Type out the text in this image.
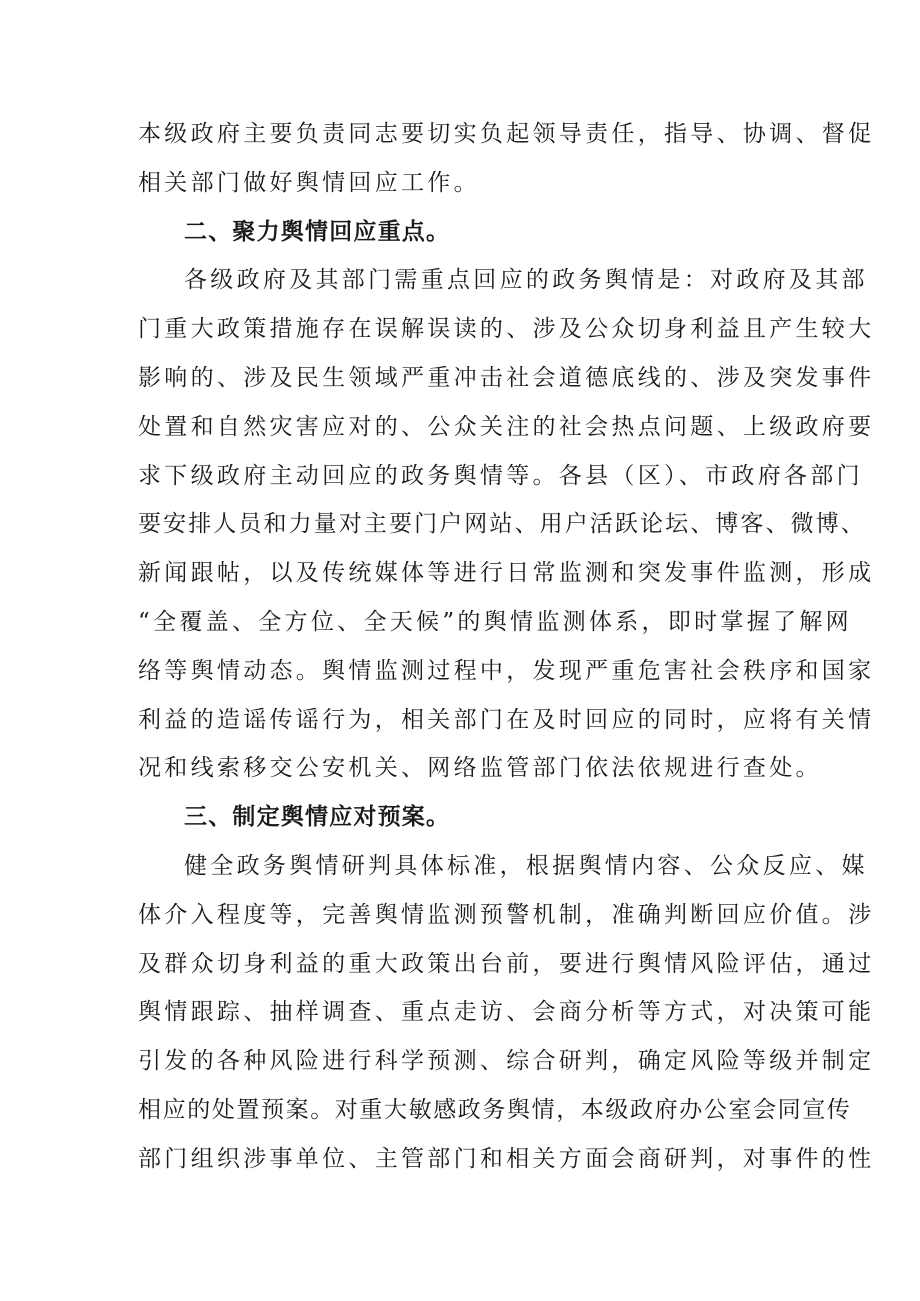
本级政府主要负责同志要切实负起领导责任，指导、协调、督促
相关部门做好舆情回应工作。
二、聚力舆情回应重点。
各级政府及其部门需重点回应的政务舆情是：对政府及其部
门重大政策措施存在误解误读的、涉及公众切身利益且产生较大
影响的、涉及民生领域严重冲击社会道德底线的、涉及突发事件
处置和自然灾害应对的、公众关注的社会热点问题、上级政府要
求下级政府主动回应的政务舆情等。各县（区）、市政府各部门
要安排人员和力量对主要门户网站、用户活跃论坛、博客、微博、
新闻跟帖，以及传统媒体等进行日常监测和突发事件监测，形成
“全覆盖、全方位、全天候”的舆情监测体系，即时掌握了解网
络等舆情动态。舆情监测过程中，发现严重危害社会秩序和国家
利益的造谣传谣行为，相关部门在及时回应的同时，应将有关情
况和线索移交公安机关、网络监管部门依法依规进行查处。
三、制定舆情应对预案。
健全政务舆情研判具体标准，根据舆情内容、公众反应、媒
体介入程度等，完善舆情监测预警机制，准确判断回应价值。涉
及群众切身利益的重大政策出台前，要进行舆情风险评估，通过
舆情跟踪、抽样调查、重点走访、会商分析等方式，对决策可能
引发的各种风险进行科学预测、综合研判，确定风险等级并制定
相应的处置预案。对重大敏感政务舆情，本级政府办公室会同宣传
部门组织涉事单位、主管部门和相关方面会商研判，对事件的性
